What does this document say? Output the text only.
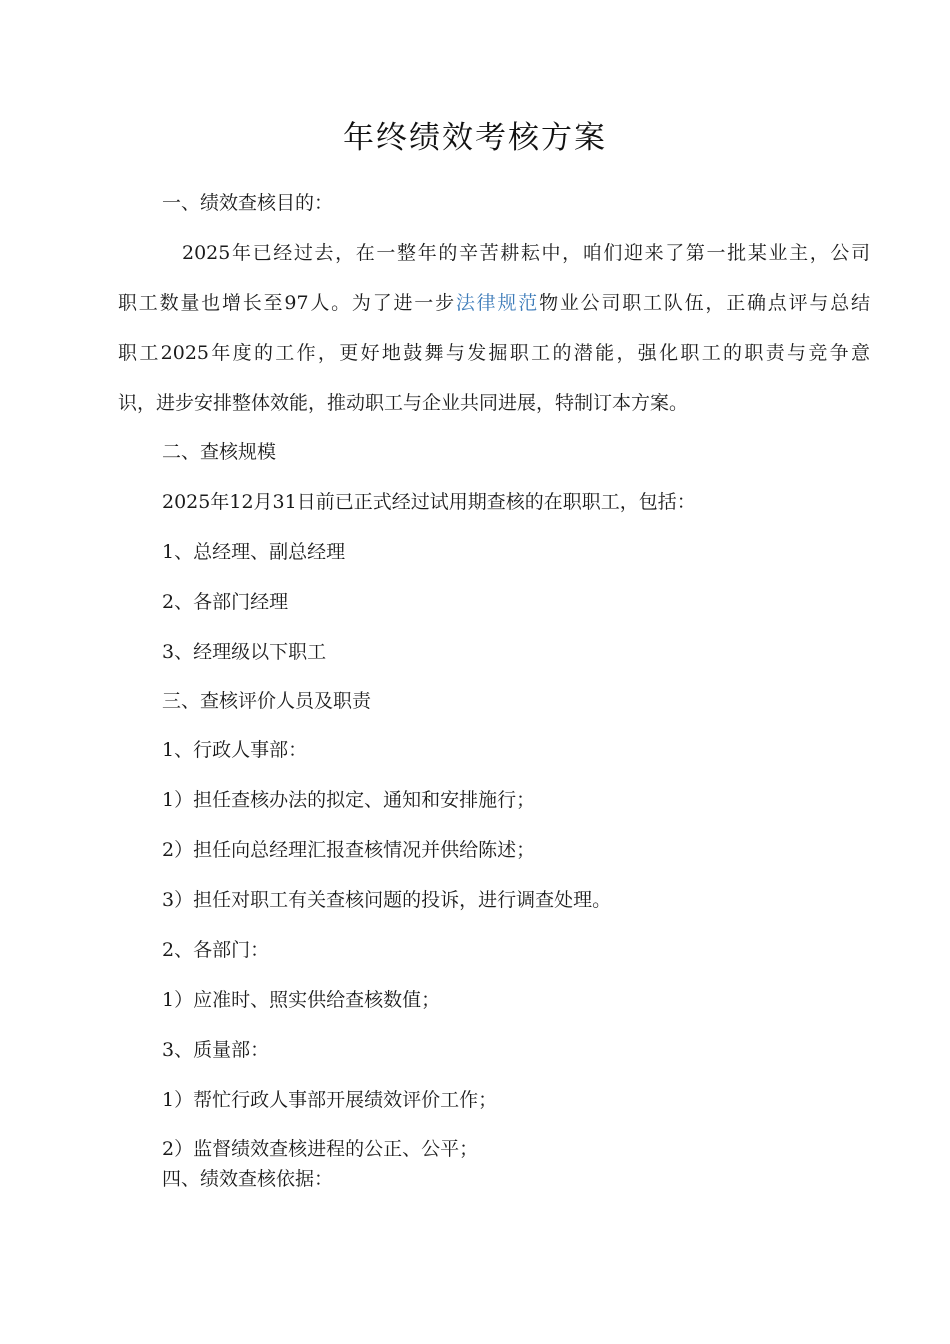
年终绩效考核方案
一、绩效查核目的：
2025年已经过去，在一整年的辛苦耕耘中，咱们迎来了第一批某业主，公司
职工数量也增长至97人。为了进一步法律规范物业公司职工队伍，正确点评与总结
职工2025年度的工作，更好地鼓舞与发掘职工的潜能，强化职工的职责与竞争意
识，进步安排整体效能，推动职工与企业共同进展，特制订本方案。
二、查核规模
2025年12月31日前已正式经过试用期查核的在职职工，包括：
1、总经理、副总经理
2、各部门经理
3、经理级以下职工
三、查核评价人员及职责
1、行政人事部：
1）担任查核办法的拟定、通知和安排施行；
2）担任向总经理汇报查核情况并供给陈述；
3）担任对职工有关查核问题的投诉，进行调查处理。
2、各部门：
1）应准时、照实供给查核数值；
3、质量部：
1）帮忙行政人事部开展绩效评价工作；
2）监督绩效查核进程的公正、公平；
四、绩效查核依据：
